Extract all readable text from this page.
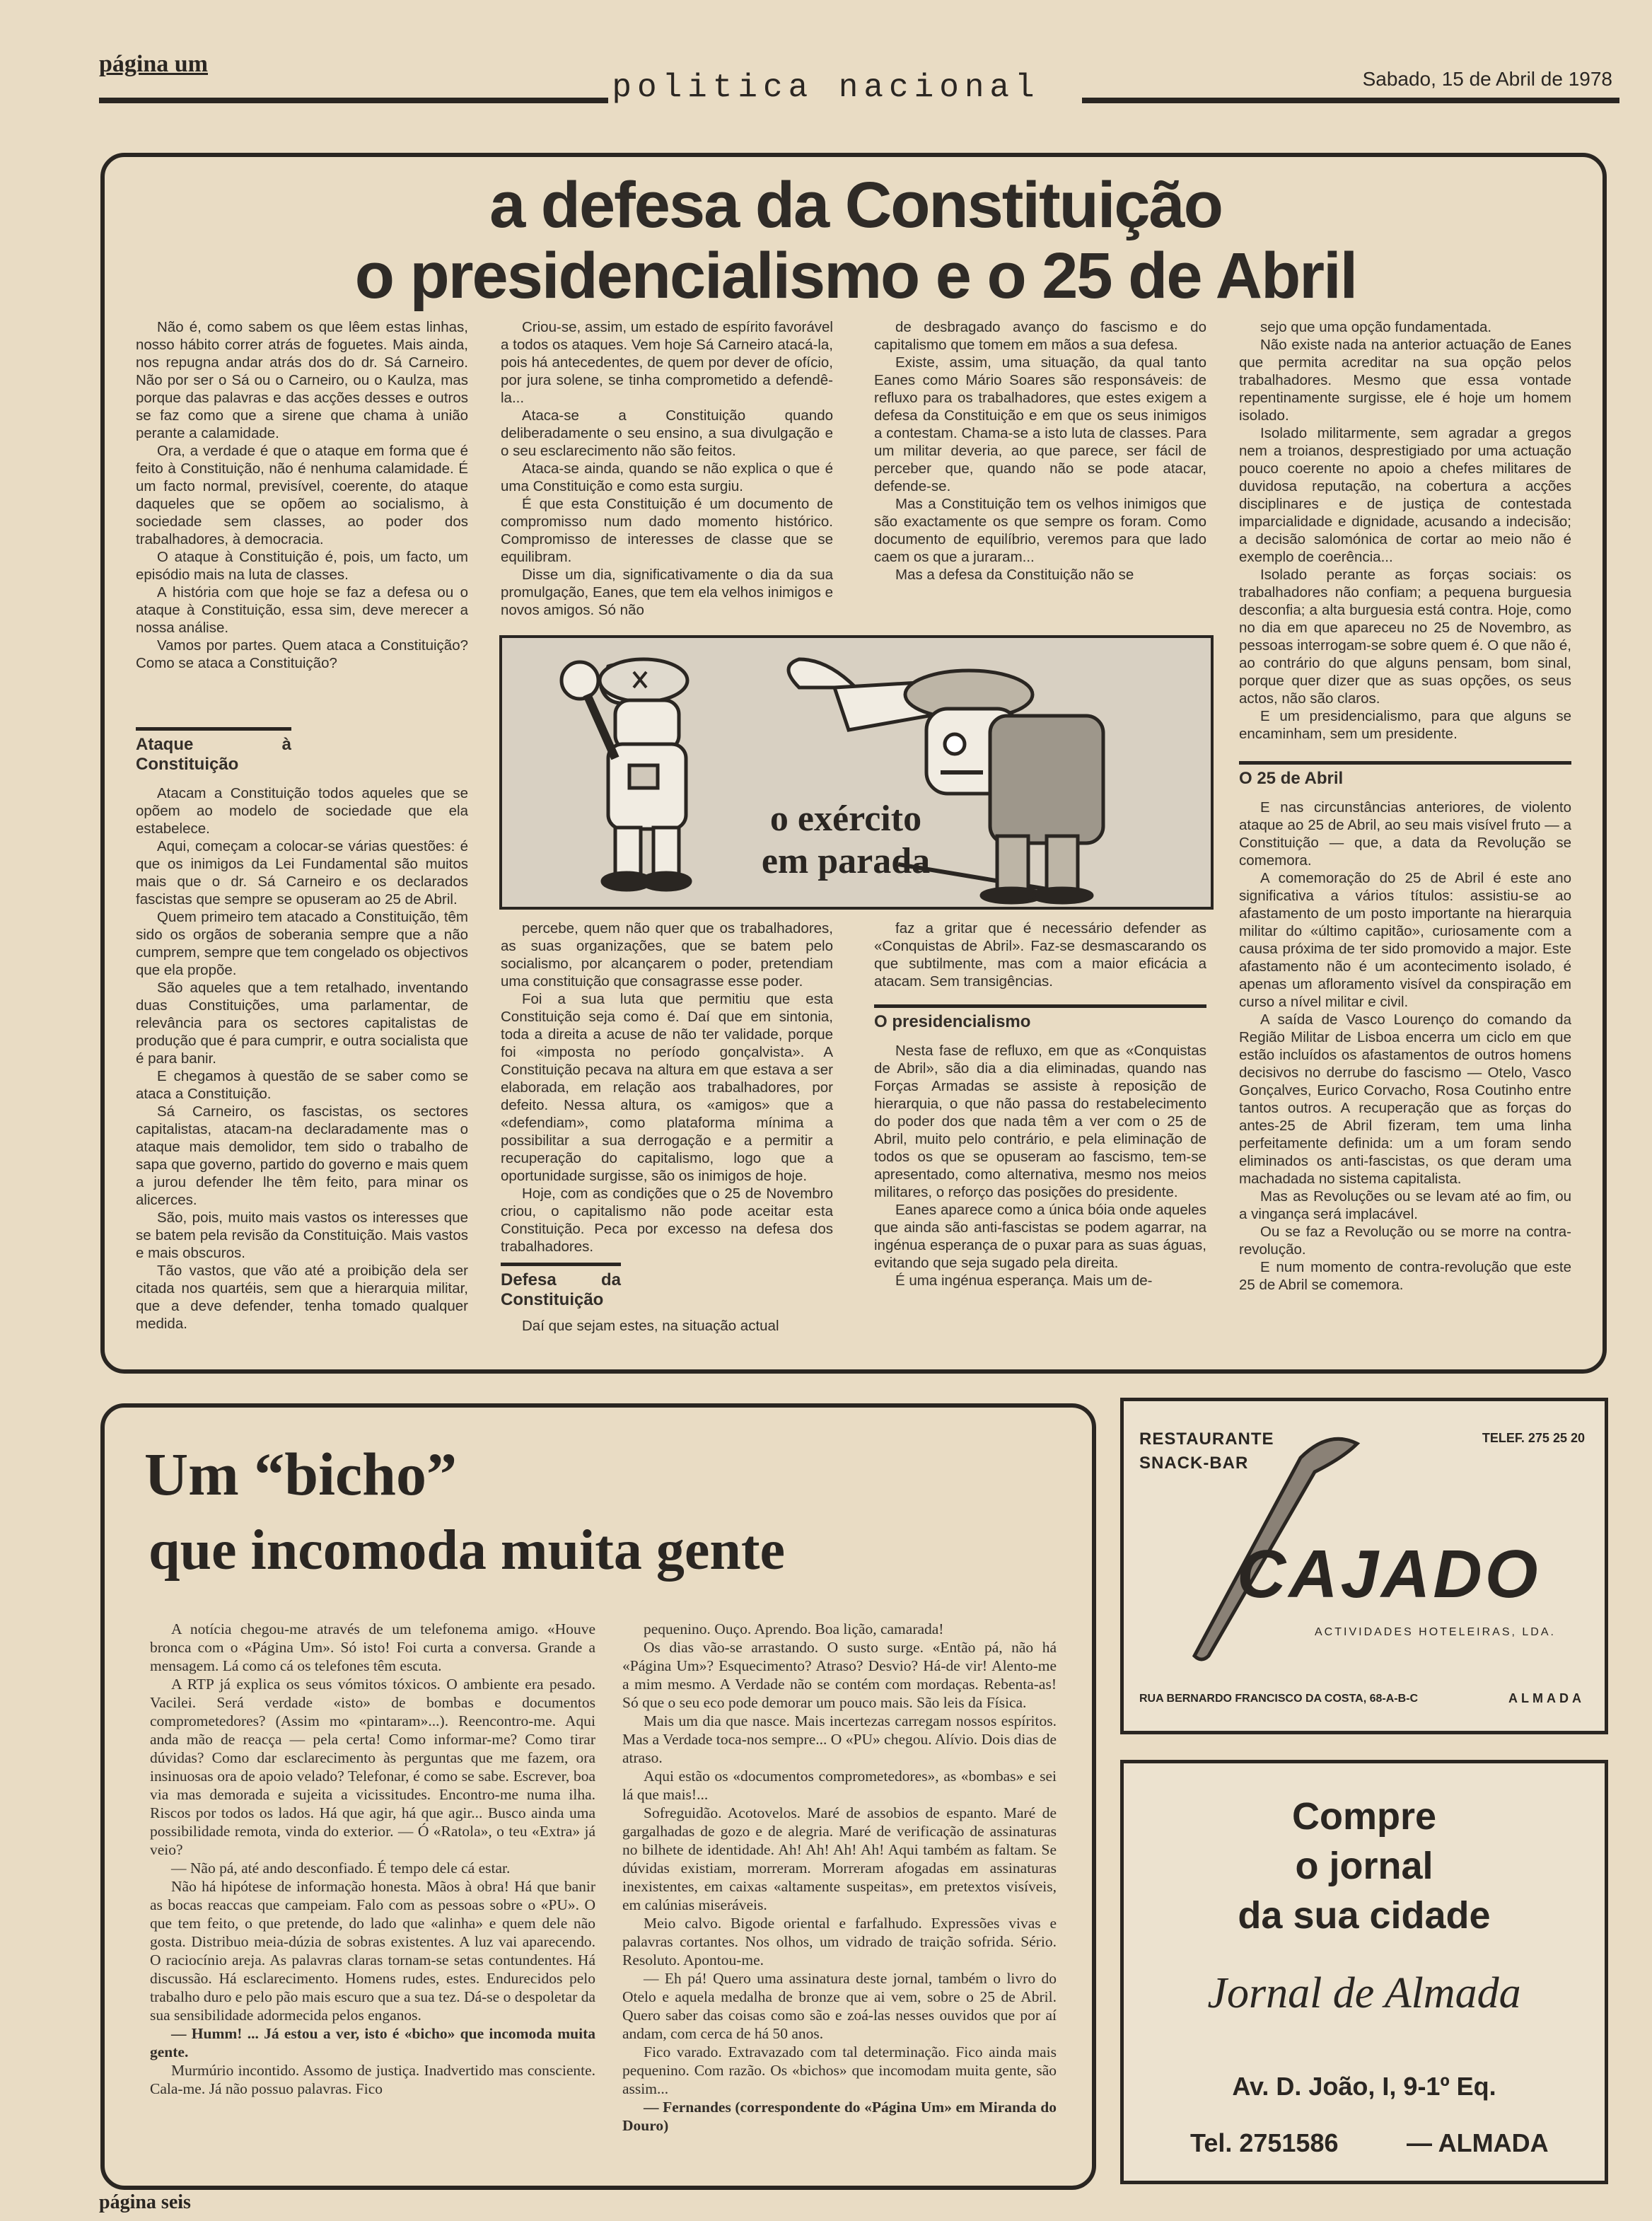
página um
politica nacional	Sabado, 15 de Abril de 1978
a defesa da Constituição
o presidencialismo e o 25 de Abril

Não é, como sabem os que lêem estas linhas, nosso hábito correr atrás de foguetes. Mais ainda, nos repugna andar atrás dos do dr. Sá Carneiro. Não por ser o Sá ou o Carneiro, ou o Kaulza, mas porque das palavras e das acções desses e outros se faz como que a sirene que chama à união perante a calamidade.

Ora, a verdade é que o ataque em forma que é feito à Constituição, não é nenhuma calamidade. É um facto normal, previsível, coerente, do ataque daqueles que se opõem ao socialismo, à sociedade sem classes, ao poder dos trabalhadores, à democracia.

O ataque à Constituição é, pois, um facto, um episódio mais na luta de classes.

A história com que hoje se faz a defesa ou o ataque à Constituição, essa sim, deve merecer a nossa análise.

Vamos por partes. Quem ataca a Constituição? Como se ataca a Constituição?

Ataque à Constituição

Atacam a Constituição todos aqueles que se opõem ao modelo de sociedade que ela estabelece.

Aqui, começam a colocar-se várias questões: é que os inimigos da Lei Fundamental são muitos mais que o dr. Sá Carneiro e os declarados fascistas que sempre se opuseram ao 25 de Abril.

Quem primeiro tem atacado a Constituição, têm sido os orgãos de soberania sempre que a não cumprem, sempre que tem congelado os objectivos que ela propõe.

São aqueles que a tem retalhado, inventando duas Constituições, uma parlamentar, de relevância para os sectores capitalistas de produção que é para cumprir, e outra socialista que é para banir.

E chegamos à questão de se saber como se ataca a Constituição.

Sá Carneiro, os fascistas, os sectores capitalistas, atacam-na declaradamente mas o ataque mais demolidor, tem sido o trabalho de sapa que governo, partido do governo e mais quem a jurou defender lhe têm feito, para minar os alicerces.

São, pois, muito mais vastos os interesses que se batem pela revisão da Constituição. Mais vastos e mais obscuros.

Tão vastos, que vão até a proibição dela ser citada nos quartéis, sem que a hierarquia militar, que a deve defender, tenha tomado qualquer medida.

Criou-se, assim, um estado de espírito favorável a todos os ataques. Vem hoje Sá Carneiro atacá-la, pois há antecedentes, de quem por dever de ofício, por jura solene, se tinha comprometido a defendê-la...

Ataca-se a Constituição quando deliberadamente o seu ensino, a sua divulgação e o seu esclarecimento não são feitos.

Ataca-se ainda, quando se não explica o que é uma Constituição e como esta surgiu.

É que esta Constituição é um documento de compromisso num dado momento histórico. Compromisso de interesses de classe que se equilibram.

Disse um dia, significativamente o dia da sua promulgação, Eanes, que tem ela velhos inimigos e novos amigos. Só não

de desbragado avanço do fascismo e do capitalismo que tomem em mãos a sua defesa.

Existe, assim, uma situação, da qual tanto Eanes como Mário Soares são responsáveis: de refluxo para os trabalhadores, que estes exigem a defesa da Constituição e em que os seus inimigos a contestam. Chama-se a isto luta de classes. Para um militar deveria, ao que parece, ser fácil de perceber que, quando não se pode atacar, defende-se.

Mas a Constituição tem os velhos inimigos que são exactamente os que sempre os foram. Como documento de equilíbrio, veremos para que lado caem os que a juraram...

Mas a defesa da Constituição não se

sejo que uma opção fundamentada.

Não existe nada na anterior actuação de Eanes que permita acreditar na sua opção pelos trabalhadores. Mesmo que essa vontade repentinamente surgisse, ele é hoje um homem isolado.

Isolado militarmente, sem agradar a gregos nem a troianos, desprestigiado por uma actuação pouco coerente no apoio a chefes militares de duvidosa reputação, na cobertura a acções disciplinares e de justiça de contestada imparcialidade e dignidade, acusando a indecisão; a decisão salomónica de cortar ao meio não é exemplo de coerência...

Isolado perante as forças sociais: os trabalhadores não confiam; a pequena burguesia desconfia; a alta burguesia está contra. Hoje, como no dia em que apareceu no 25 de Novembro, as pessoas interrogam-se sobre quem é. O que não é, ao contrário do que alguns pensam, bom sinal, porque quer dizer que as suas opções, os seus actos, não são claros.

E um presidencialismo, para que alguns se encaminham, sem um presidente.

O 25 de Abril

E nas circunstâncias anteriores, de violento ataque ao 25 de Abril, ao seu mais visível fruto — a Constituição — que, a data da Revolução se comemora.

A comemoração do 25 de Abril é este ano significativa a vários títulos: assistiu-se ao afastamento de um posto importante na hierarquia militar do «último capitão», curiosamente com a causa próxima de ter sido promovido a major. Este afastamento não é um acontecimento isolado, é apenas um afloramento visível da conspiração em curso a nível militar e civil.

A saída de Vasco Lourenço do comando da Região Militar de Lisboa encerra um ciclo em que estão incluídos os afastamentos de outros homens decisivos no derrube do fascismo — Otelo, Vasco Gonçalves, Eurico Corvacho, Rosa Coutinho entre tantos outros. A recuperação que as forças do antes-25 de Abril fizeram, tem uma linha perfeitamente definida: um a um foram sendo eliminados os anti-fascistas, os que deram uma machadada no sistema capitalista.

Mas as Revoluções ou se levam até ao fim, ou a vingança será implacável.

Ou se faz a Revolução ou se morre na contra-revolução.

E num momento de contra-revolução que este 25 de Abril se comemora.

o exército
em parada

percebe, quem não quer que os trabalhadores, as suas organizações, que se batem pelo socialismo, por alcançarem o poder, pretendiam uma constituição que consagrasse esse poder.

Foi a sua luta que permitiu que esta Constituição seja como é. Daí que em sintonia, toda a direita a acuse de não ter validade, porque foi «imposta no período gonçalvista». A Constituição pecava na altura em que estava a ser elaborada, em relação aos trabalhadores, por defeito. Nessa altura, os «amigos» que a «defendiam», como plataforma mínima a possibilitar a sua derrogação e a permitir a recuperação do capitalismo, logo que a oportunidade surgisse, são os inimigos de hoje.

Hoje, com as condições que o 25 de Novembro criou, o capitalismo não pode aceitar esta Constituição. Peca por excesso na defesa dos trabalhadores.

Defesa da Constituição

Daí que sejam estes, na situação actual

faz a gritar que é necessário defender as «Conquistas de Abril». Faz-se desmascarando os que subtilmente, mas com a maior eficácia a atacam. Sem transigências.

O presidencialismo

Nesta fase de refluxo, em que as «Conquistas de Abril», são dia a dia eliminadas, quando nas Forças Armadas se assiste à reposição de hierarquia, o que não passa do restabelecimento do poder dos que nada têm a ver com o 25 de Abril, muito pelo contrário, e pela eliminação de todos os que se opuseram ao fascismo, tem-se apresentado, como alternativa, mesmo nos meios militares, o reforço das posições do presidente.

Eanes aparece como a única bóia onde aqueles que ainda são anti-fascistas se podem agarrar, na ingénua esperança de o puxar para as suas águas, evitando que seja sugado pela direita.

É uma ingénua esperança. Mais um de-

Um “bicho”
que incomoda muita gente

A notícia chegou-me através de um telefonema amigo. «Houve bronca com o «Página Um». Só isto! Foi curta a conversa. Grande a mensagem. Lá como cá os telefones têm escuta.

A RTP já explica os seus vómitos tóxicos. O ambiente era pesado. Vacilei. Será verdade «isto» de bombas e documentos comprometedores? (Assim mo «pintaram»...). Reencontro-me. Aqui anda mão de reacça — pela certa! Como informar-me? Como tirar dúvidas? Como dar esclarecimento às perguntas que me fazem, ora insinuosas ora de apoio velado? Telefonar, é como se sabe. Escrever, boa via mas demorada e sujeita a vicissitudes. Encontro-me numa ilha. Riscos por todos os lados. Há que agir, há que agir... Busco ainda uma possibilidade remota, vinda do exterior. — Ó «Ratola», o teu «Extra» já veio?

— Não pá, até ando desconfiado. É tempo dele cá estar.

Não há hipótese de informação honesta. Mãos à obra! Há que banir as bocas reaccas que campeiam. Falo com as pessoas sobre o «PU». O que tem feito, o que pretende, do lado que «alinha» e quem dele não gosta. Distribuo meia-dúzia de sobras existentes. A luz vai aparecendo. O raciocínio areja. As palavras claras tornam-se setas contundentes. Há discussão. Há esclarecimento. Homens rudes, estes. Endurecidos pelo trabalho duro e pelo pão mais escuro que a sua tez. Dá-se o despoletar da sua sensibilidade adormecida pelos enganos.

— Humm! ... Já estou a ver, isto é «bicho» que incomoda muita gente.

Murmúrio incontido. Assomo de justiça. Inadvertido mas consciente. Cala-me. Já não possuo palavras. Fico

pequenino. Ouço. Aprendo. Boa lição, camarada!

Os dias vão-se arrastando. O susto surge. «Então pá, não há «Página Um»? Esquecimento? Atraso? Desvio? Há-de vir! Alento-me a mim mesmo. A Verdade não se contém com mordaças. Rebenta-as! Só que o seu eco pode demorar um pouco mais. São leis da Física.

Mais um dia que nasce. Mais incertezas carregam nossos espíritos. Mas a Verdade toca-nos sempre... O «PU» chegou. Alívio. Dois dias de atraso.

Aqui estão os «documentos comprometedores», as «bombas» e sei lá que mais!...

Sofreguidão. Acotovelos. Maré de assobios de espanto. Maré de gargalhadas de gozo e de alegria. Maré de verificação de assinaturas no bilhete de identidade. Ah! Ah! Ah! Ah! Aqui também as faltam. Se dúvidas existiam, morreram. Morreram afogadas em assinaturas inexistentes, em caixas «altamente suspeitas», em pretextos visíveis, em calúnias miseráveis.

Meio calvo. Bigode oriental e farfalhudo. Expressões vivas e palavras cortantes. Nos olhos, um vidrado de traição sofrida. Sério. Resoluto. Apontou-me.

— Eh pá! Quero uma assinatura deste jornal, também o livro do Otelo e aquela medalha de bronze que ai vem, sobre o 25 de Abril. Quero saber das coisas como são e zoá-las nesses ouvidos que por aí andam, com cerca de há 50 anos.

Fico varado. Extravazado com tal determinação. Fico ainda mais pequenino. Com razão. Os «bichos» que incomodam muita gente, são assim...

— Fernandes (correspondente do «Página Um» em Miranda do Douro)

RESTAURANTE
SNACK-BAR
TELEF. 275 25 20
CAJADO
ACTIVIDADES HOTELEIRAS, LDA.
RUA BERNARDO FRANCISCO DA COSTA, 68-A-B-C	ALMADA
Compre
o jornal
da sua cidade
Jornal de Almada
Av. D. João, I, 9-1º Eq.
Tel. 2751586	— ALMADA
página seis
